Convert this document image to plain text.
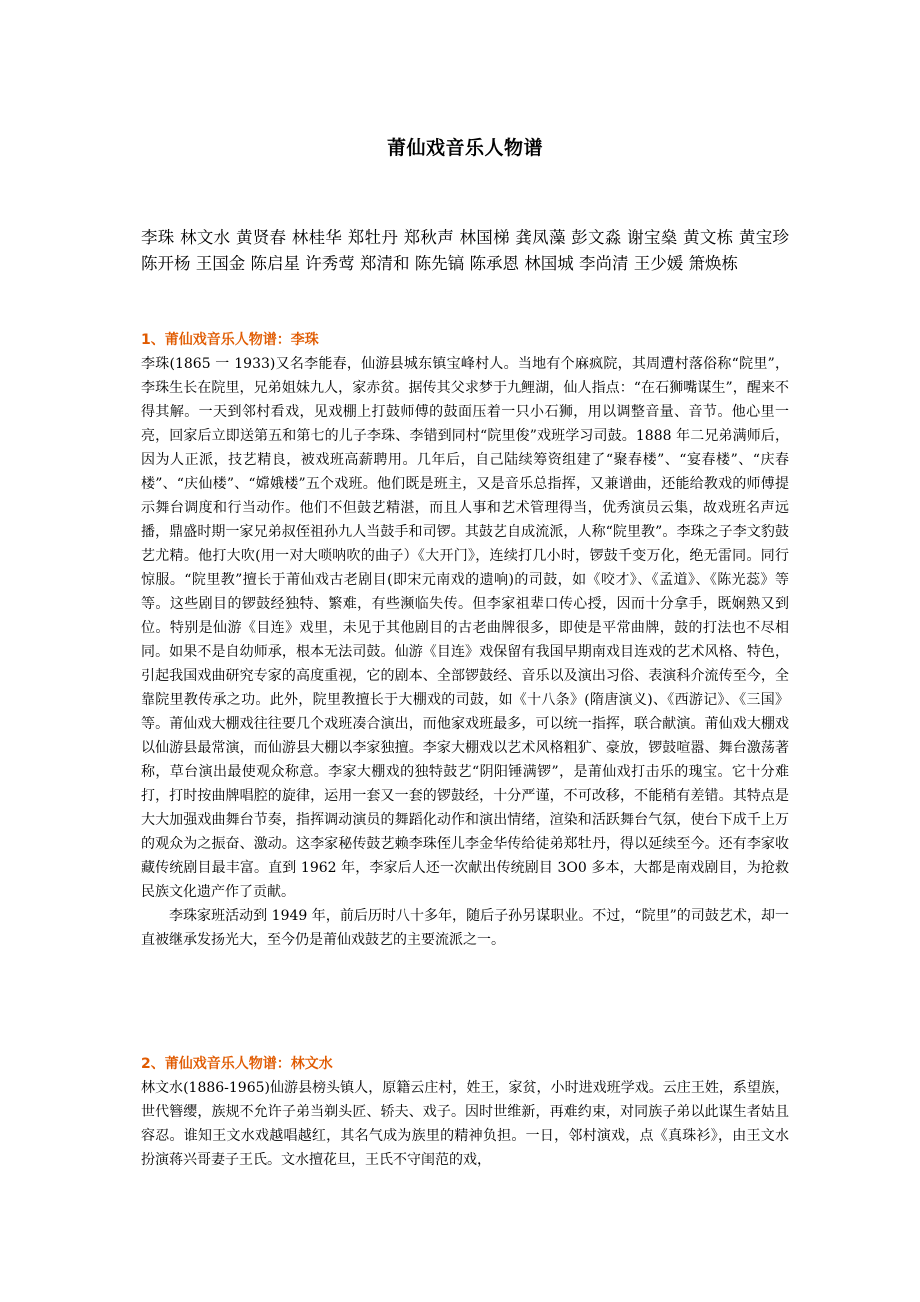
莆仙戏音乐人物谱

李珠 林文水 黄贤春 林桂华 郑牡丹 郑秋声 林国梯 龚凤藻 彭文淼 谢宝燊 黄文栋 黄宝珍 陈开杨 王国金 陈启星 许秀莺 郑清和 陈先镐 陈承恩 林国城 李尚清 王少媛 箫焕栋

1、莆仙戏音乐人物谱：李珠

李珠(1865 一 1933)又名李能春，仙游县城东镇宝峰村人。当地有个麻疯院，其周遭村落俗称“院里”，李珠生长在院里，兄弟姐妹九人，家赤贫。据传其父求梦于九鲤湖，仙人指点：“在石狮嘴谋生”，醒来不得其解。一天到邻村看戏，见戏棚上打鼓师傅的鼓面压着一只小石狮，用以调整音量、音节。他心里一亮，回家后立即送第五和第七的儿子李珠、李错到同村“院里俊”戏班学习司鼓。1888 年二兄弟满师后，因为人正派，技艺精良，被戏班高薪聘用。几年后，自己陆续筹资组建了“聚春楼”、“宴春楼”、“庆春楼”、“庆仙楼”、“嫦娥楼”五个戏班。他们既是班主，又是音乐总指挥，又兼谱曲，还能给教戏的师傅提示舞台调度和行当动作。他们不但鼓艺精湛，而且人事和艺术管理得当，优秀演员云集，故戏班名声远播，鼎盛时期一家兄弟叔侄祖孙九人当鼓手和司锣。其鼓艺自成流派，人称“院里教”。李珠之子李文豹鼓艺尤精。他打大吹(用一对大唢呐吹的曲子）《大开门》，连续打几小时，锣鼓千变万化，绝无雷同。同行惊服。“院里教”擅长于莆仙戏古老剧目(即宋元南戏的遗响)的司鼓，如《咬才》、《孟道》、《陈光蕊》等等。这些剧目的锣鼓经独特、繁难，有些濒临失传。但李家祖辈口传心授，因而十分拿手，既娴熟又到位。特别是仙游《目连》戏里，未见于其他剧目的古老曲牌很多，即使是平常曲牌，鼓的打法也不尽相同。如果不是自幼师承，根本无法司鼓。仙游《目连》戏保留有我国早期南戏目连戏的艺术风格、特色，引起我国戏曲研究专家的高度重视，它的剧本、全部锣鼓经、音乐以及演出习俗、表演科介流传至今，全靠院里教传承之功。此外，院里教擅长于大棚戏的司鼓，如《十八条》(隋唐演义)、《西游记》、《三国》等。莆仙戏大棚戏往往要几个戏班凑合演出，而他家戏班最多，可以统一指挥，联合献演。莆仙戏大棚戏以仙游县最常演，而仙游县大棚以李家独擅。李家大棚戏以艺术风格粗犷、豪放，锣鼓喧嚣、舞台激荡著称，草台演出最使观众称意。李家大棚戏的独特鼓艺“阴阳锤满锣”，是莆仙戏打击乐的瑰宝。它十分难打，打时按曲牌唱腔的旋律，运用一套又一套的锣鼓经，十分严谨，不可改移，不能稍有差错。其特点是大大加强戏曲舞台节奏，指挥调动演员的舞蹈化动作和演出情绪，渲染和活跃舞台气氛，使台下成千上万的观众为之振奋、激动。这李家秘传鼓艺赖李珠侄儿李金华传给徒弟郑牡丹，得以延续至今。还有李家收藏传统剧目最丰富。直到 1962 年，李家后人还一次献出传统剧目 3O0 多本，大都是南戏剧目，为抢救民族文化遗产作了贡献。

李珠家班活动到 1949 年，前后历时八十多年，随后子孙另谋职业。不过，“院里”的司鼓艺术，却一直被继承发扬光大，至今仍是莆仙戏鼓艺的主要流派之一。

2、莆仙戏音乐人物谱：林文水

林文水(1886-1965)仙游县榜头镇人，原籍云庄村，姓王，家贫，小时进戏班学戏。云庄王姓，系望族，世代簪缨，族规不允许子弟当剃头匠、轿夫、戏子。因时世维新，再难约束，对同族子弟以此谋生者姑且容忍。谁知王文水戏越唱越红，其名气成为族里的精神负担。一日，邻村演戏，点《真珠衫》，由王文水扮演蒋兴哥妻子王氏。文水擅花旦，王氏不守闺范的戏，
